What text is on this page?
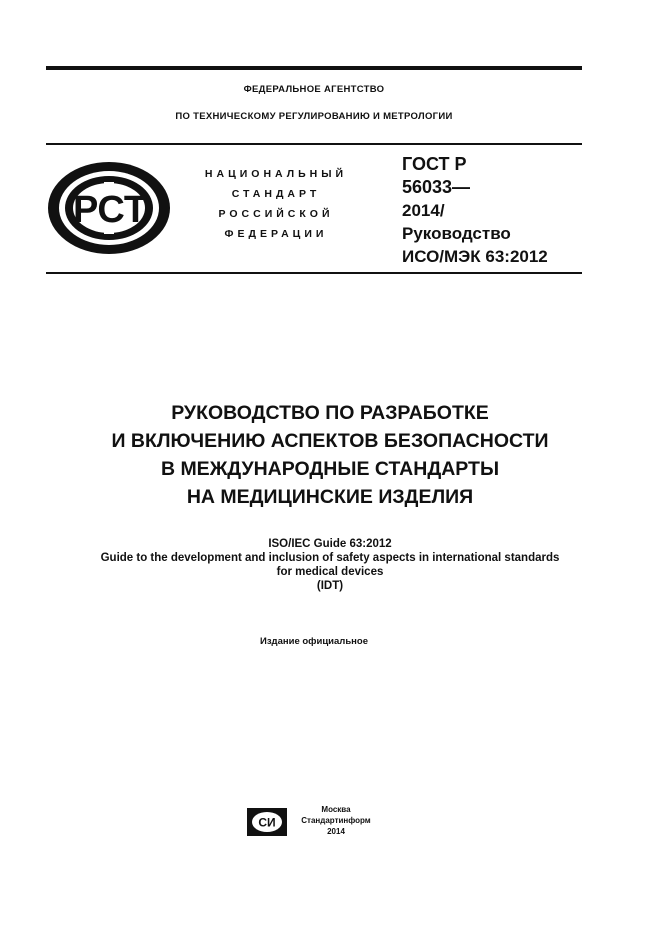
ФЕДЕРАЛЬНОЕ АГЕНТСТВО
ПО ТЕХНИЧЕСКОМУ РЕГУЛИРОВАНИЮ И МЕТРОЛОГИИ
РСТ
НАЦИОНАЛЬНЫЙ
СТАНДАРТ
РОССИЙСКОЙ
ФЕДЕРАЦИИ
ГОСТ Р
56033—
2014/
Руководство
ИСО/МЭК 63:2012
РУКОВОДСТВО ПО РАЗРАБОТКЕ
И ВКЛЮЧЕНИЮ АСПЕКТОВ БЕЗОПАСНОСТИ
В МЕЖДУНАРОДНЫЕ СТАНДАРТЫ
НА МЕДИЦИНСКИЕ ИЗДЕЛИЯ
ISO/IEC Guide 63:2012
Guide to the development and inclusion of safety aspects in international standards
for medical devices
(IDT)
Издание официальное
СИ
Москва
Стандартинформ
2014
